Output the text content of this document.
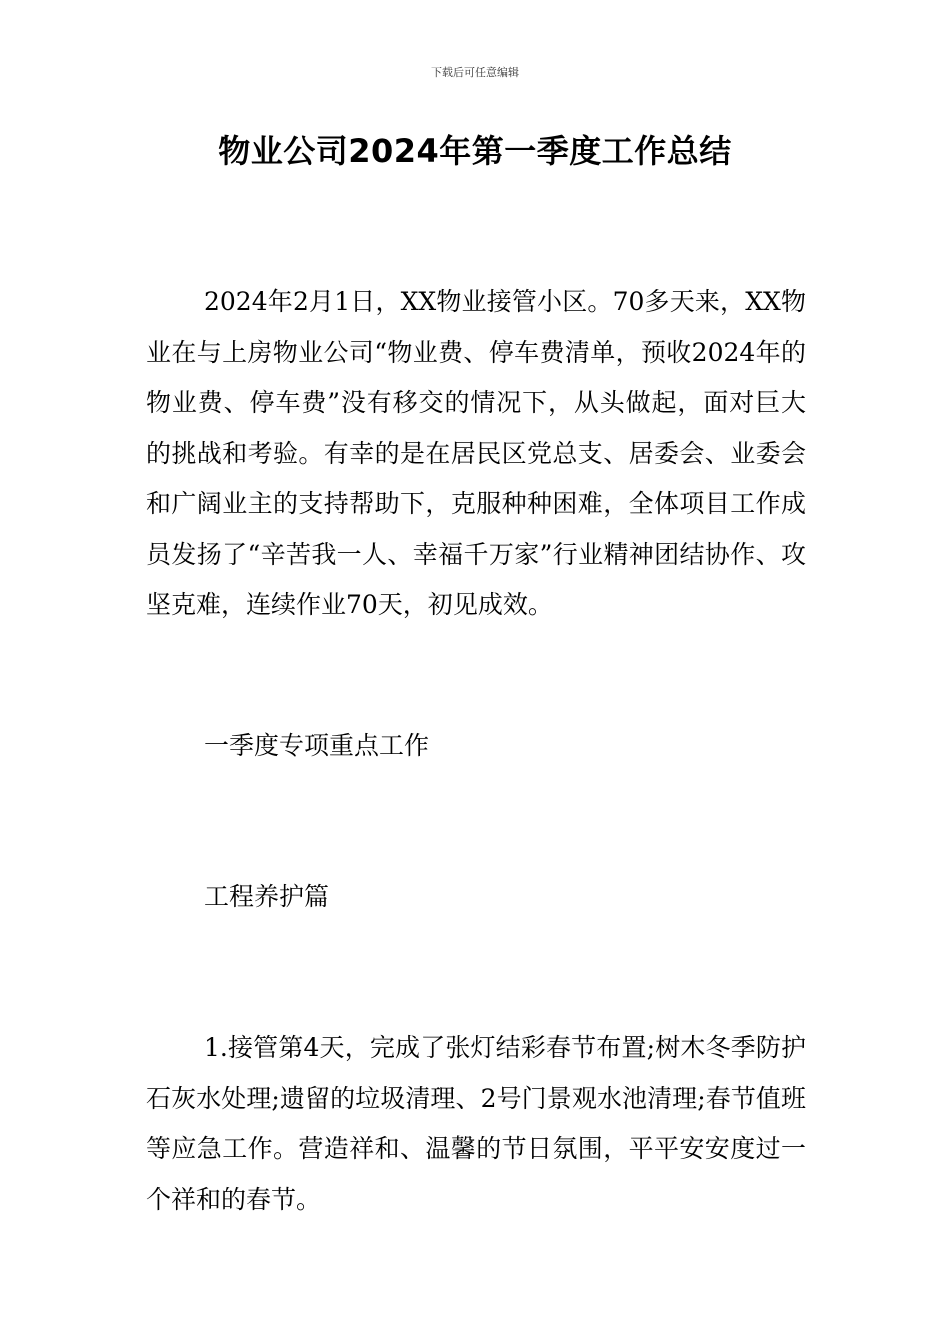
下载后可任意编辑
物业公司2024年第一季度工作总结

2024年2月1日，XX物业接管小区。70多天来，XX物业在与上房物业公司“物业费、停车费清单，预收2024年的物业费、停车费”没有移交的情况下，从头做起，面对巨大的挑战和考验。有幸的是在居民区党总支、居委会、业委会和广阔业主的支持帮助下，克服种种困难，全体项目工作成员发扬了“辛苦我一人、幸福千万家”行业精神团结协作、攻坚克难，连续作业70天，初见成效。

一季度专项重点工作

工程养护篇

1.接管第4天，完成了张灯结彩春节布置;树木冬季防护石灰水处理;遗留的垃圾清理、2号门景观水池清理;春节值班等应急工作。营造祥和、温馨的节日氛围，平平安安度过一个祥和的春节。
